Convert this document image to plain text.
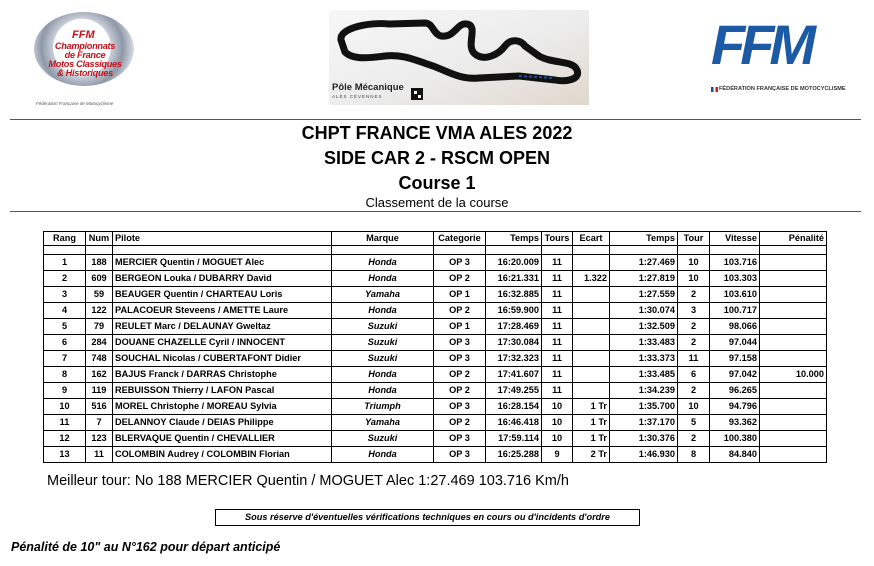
FFM
Championnats
de France
Motos Classiques
& Historiques
Fédération Française de Motocyclisme
Pôle Mécanique
ALÈS CÉVENNES
FFM
FÉDÉRATION FRANÇAISE DE MOTOCYCLISME
CHPT FRANCE VMA ALES 2022
SIDE CAR 2 - RSCM OPEN
Course 1
Classement de la course
Rang	Num	Pilote	Marque	Categorie	Temps	Tours	Ecart	Temps	Tour	Vitesse	Pénalité

1	188	MERCIER Quentin / MOGUET Alec	Honda	OP 3	16:20.009	11		1:27.469	10	103.716	
2	609	BERGEON Louka / DUBARRY David	Honda	OP 2	16:21.331	11	1.322	1:27.819	10	103.303	
3	59	BEAUGER Quentin / CHARTEAU Loris	Yamaha	OP 1	16:32.885	11		1:27.559	2	103.610	
4	122	PALACOEUR Steveens / AMETTE Laure	Honda	OP 2	16:59.900	11		1:30.074	3	100.717	
5	79	REULET Marc / DELAUNAY Gweltaz	Suzuki	OP 1	17:28.469	11		1:32.509	2	98.066	
6	284	DOUANE CHAZELLE Cyril / INNOCENT	Suzuki	OP 3	17:30.084	11		1:33.483	2	97.044	
7	748	SOUCHAL Nicolas / CUBERTAFONT Didier	Suzuki	OP 3	17:32.323	11		1:33.373	11	97.158	
8	162	BAJUS Franck / DARRAS Christophe	Honda	OP 2	17:41.607	11		1:33.485	6	97.042	10.000
9	119	REBUISSON Thierry / LAFON Pascal	Honda	OP 2	17:49.255	11		1:34.239	2	96.265	
10	516	MOREL Christophe / MOREAU Sylvia	Triumph	OP 3	16:28.154	10	1 Tr	1:35.700	10	94.796	
11	7	DELANNOY Claude / DEIAS Philippe	Yamaha	OP 2	16:46.418	10	1 Tr	1:37.170	5	93.362	
12	123	BLERVAQUE Quentin / CHEVALLIER	Suzuki	OP 3	17:59.114	10	1 Tr	1:30.376	2	100.380	
13	11	COLOMBIN Audrey / COLOMBIN Florian	Honda	OP 3	16:25.288	9	2 Tr	1:46.930	8	84.840	
Meilleur tour: No 188 MERCIER Quentin / MOGUET Alec 1:27.469 103.716 Km/h
Sous réserve d'éventuelles vérifications techniques en cours ou d'incidents d'ordre
Pénalité de 10" au N°162 pour départ anticipé
